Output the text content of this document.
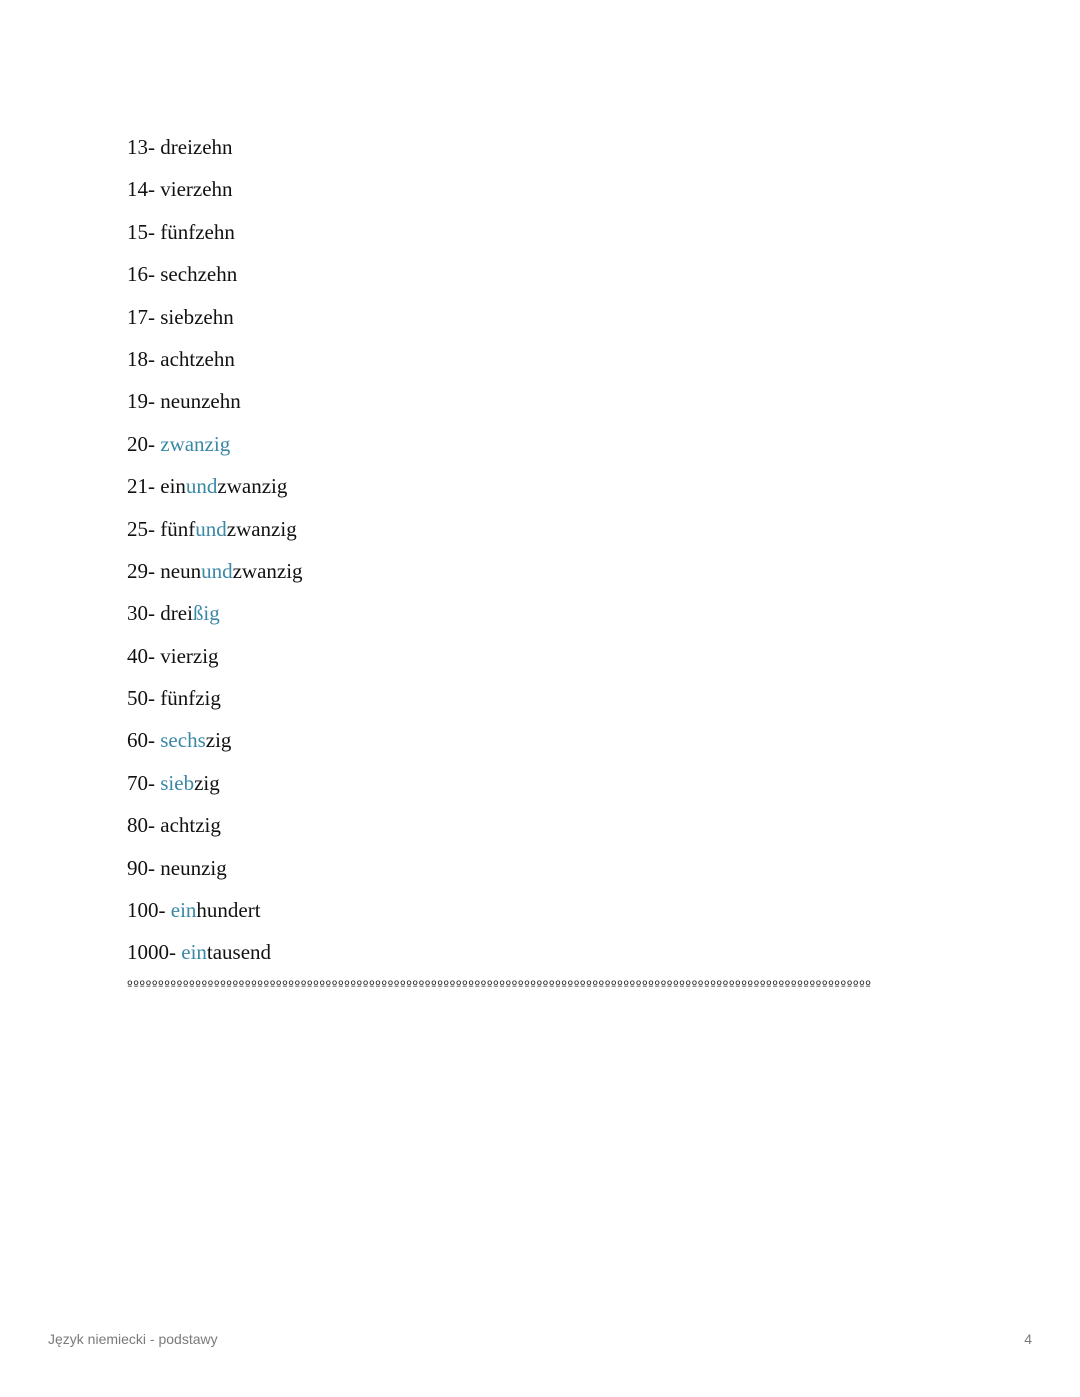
13- dreizehn
14- vierzehn
15- fünfzehn
16- sechzehn
17- siebzehn
18- achtzehn
19- neunzehn
20- zwanzig
21- einundzwanzig
25- fünfundzwanzig
29- neunundzwanzig
30- dreißig
40- vierzig
50- fünfzig
60- sechszig
70- siebzig
80- achtzig
90- neunzig
100- einhundert
1000- eintausend
ºººººººººººººººººººººººººººººººººººººººººººººººººººººººººººººººººººººººººººººººººººººººººººººººººººººººººººººººººººººººº
Język niemiecki - podstawy	4
